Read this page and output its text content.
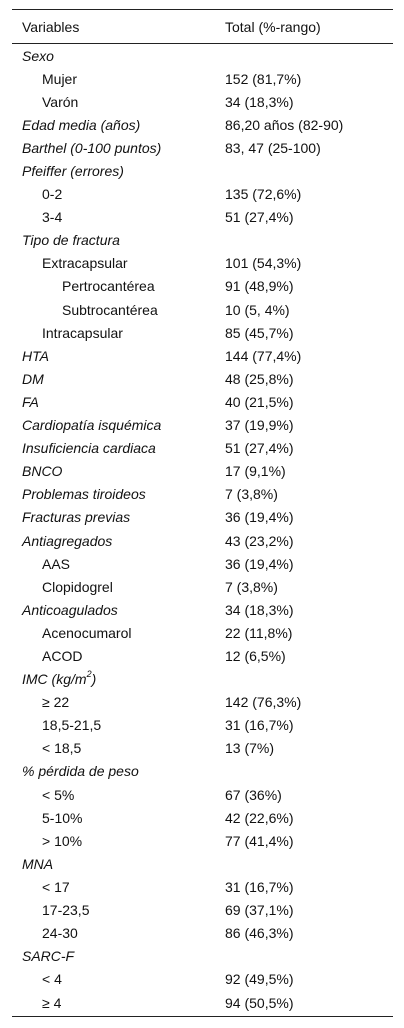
Variables	Total (%-rango)
Sexo	
Mujer	152 (81,7%)
Varón	34 (18,3%)
Edad media (años)	86,20 años (82-90)
Barthel (0-100 puntos)	83, 47 (25-100)
Pfeiffer (errores)	
0-2	135 (72,6%)
3-4	51 (27,4%)
Tipo de fractura	
Extracapsular	101 (54,3%)
Pertrocantérea	91 (48,9%)
Subtrocantérea	10 (5, 4%)
Intracapsular	85 (45,7%)
HTA	144 (77,4%)
DM	48 (25,8%)
FA	40 (21,5%)
Cardiopatía isquémica	37 (19,9%)
Insuficiencia cardiaca	51 (27,4%)
BNCO	17 (9,1%)
Problemas tiroideos	7 (3,8%)
Fracturas previas	36 (19,4%)
Antiagregados	43 (23,2%)
AAS	36 (19,4%)
Clopidogrel	7 (3,8%)
Anticoagulados	34 (18,3%)
Acenocumarol	22 (11,8%)
ACOD	12 (6,5%)
IMC $(kg/m^2)$	
≥ 22	142 (76,3%)
18,5-21,5	31 (16,7%)
< 18,5	13 (7%)
% pérdida de peso	
< 5%	67 (36%)
5-10%	42 (22,6%)
> 10%	77 (41,4%)
MNA	
< 17	31 (16,7%)
17-23,5	69 (37,1%)
24-30	86 (46,3%)
SARC-F	
< 4	92 (49,5%)
≥ 4	94 (50,5%)
